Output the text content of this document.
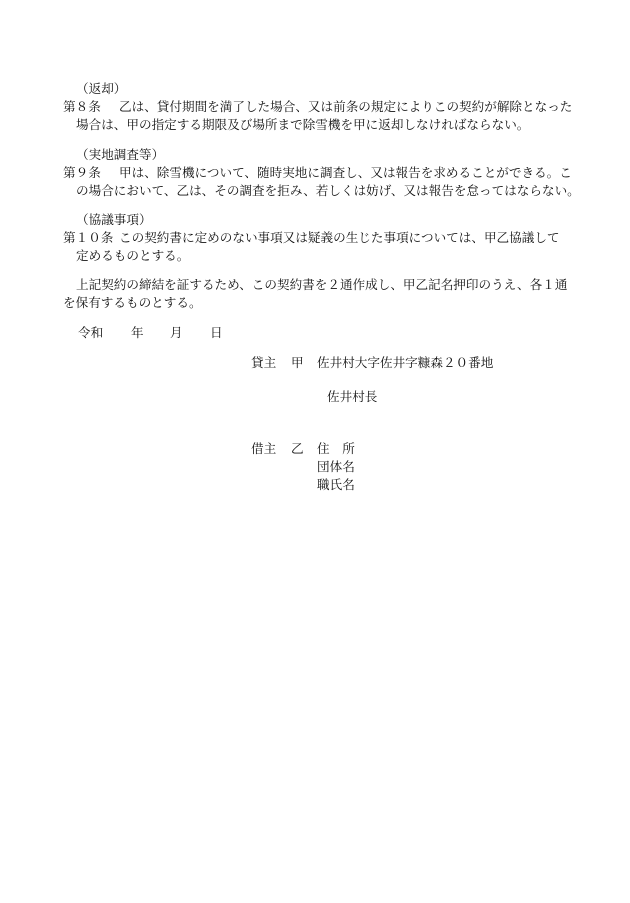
（返却）
第８条 乙は、貸付期間を満了した場合、又は前条の規定によりこの契約が解除となった
場合は、甲の指定する期限及び場所まで除雪機を甲に返却しなければならない。
（実地調査等）
第９条 甲は、除雪機について、随時実地に調査し、又は報告を求めることができる。こ
の場合において、乙は、その調査を拒み、若しくは妨げ、又は報告を怠ってはならない。
（協議事項）
第１０条 この契約書に定めのない事項又は疑義の生じた事項については、甲乙協議して
定めるものとする。
上記契約の締結を証するため、この契約書を２通作成し、甲乙記名押印のうえ、各１通
を保有するものとする。
令和 年 月 日
貸主 甲 佐井村大字佐井字糠森２０番地
佐井村長
借主 乙 住　所
団体名
職氏名
